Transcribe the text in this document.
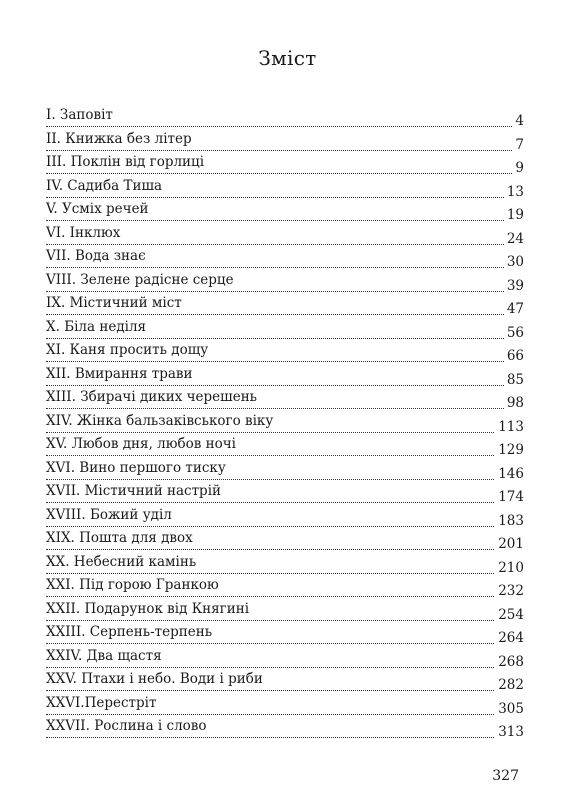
Зміст
I. Заповіт	4
II. Книжка без літер	7
III. Поклін від горлиці	9
IV. Садиба Тиша	13
V. Усміх речей	19
VI. Інклюх	24
VII. Вода знає	30
VIII. Зелене радісне серце	39
IX. Містичний міст	47
X. Біла неділя	56
XI. Каня просить дощу	66
XII. Вмирання трави	85
XIII. Збирачі диких черешень	98
XIV. Жінка бальзаківського віку	113
XV. Любов дня, любов ночі	129
XVI. Вино першого тиску	146
XVII. Містичний настрій	174
XVIII. Божий уділ	183
XIX. Пошта для двох	201
XX. Небесний камінь	210
XXI. Під горою Гранкою	232
XXII. Подарунок від Княгині	254
XXIII. Серпень-терпень	264
XXIV. Два щастя	268
XXV. Птахи і небо. Води і риби	282
XXVI.Перестріт	305
XXVII. Рослина і слово	313
327
